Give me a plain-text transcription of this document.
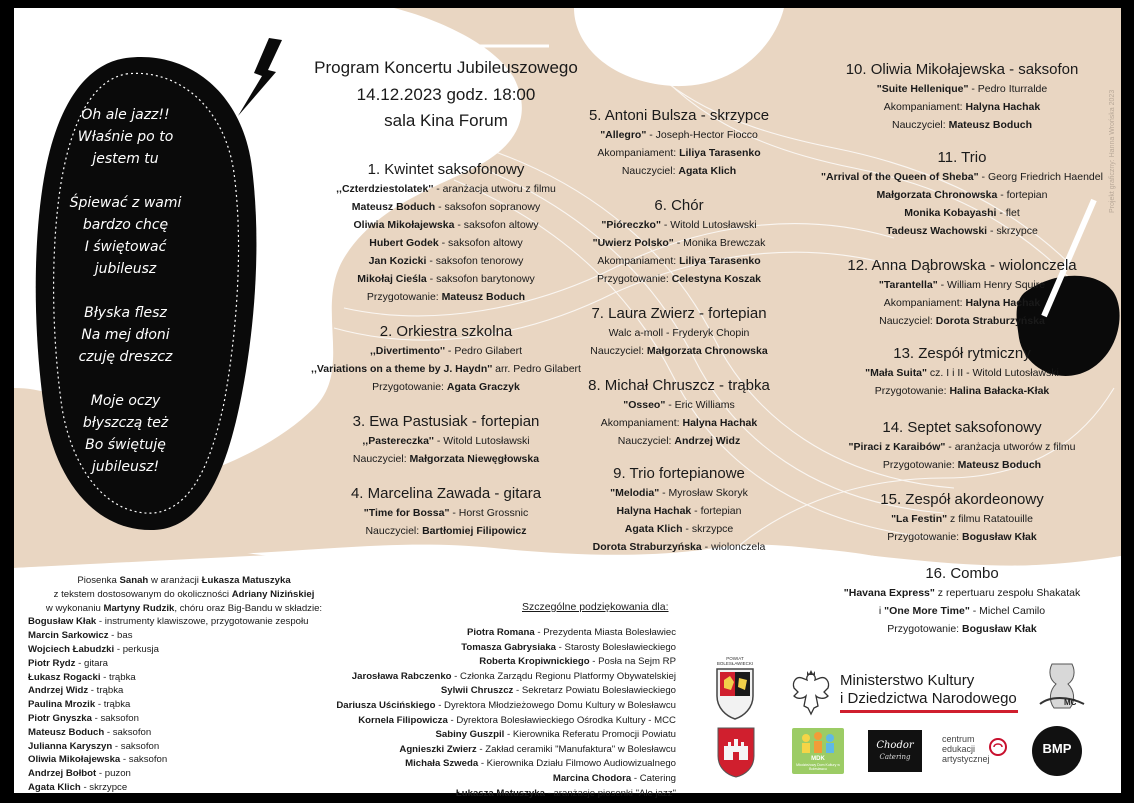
Projekt graficzny: Hanna Wrońska 2023
Oh ale jazz!!
Właśnie po to
jestem tu

Śpiewać z wami
bardzo chcę
I świętować
jubileusz

Błyska flesz
Na mej dłoni
czuję dreszcz

Moje oczy
błyszczą też
Bo świętuję
jubileusz!
Program Koncertu Jubileuszowego
14.12.2023 godz. 18:00
sala Kina Forum
1. Kwintet saksofonowy
,,Czterdziestolatek'' - aranżacja utworu z filmu
Mateusz Boduch - saksofon sopranowy
Oliwia Mikołajewska - saksofon altowy
Hubert Godek - saksofon altowy
Jan Kozicki - saksofon tenorowy
Mikołaj Cieśla - saksofon barytonowy
Przygotowanie: Mateusz Boduch
2. Orkiestra szkolna
,,Divertimento'' - Pedro Gilabert
,,Variations on a theme by J. Haydn'' arr. Pedro Gilabert
Przygotowanie: Agata Graczyk
3. Ewa Pastusiak - fortepian
,,Pastereczka'' - Witold Lutosławski
Nauczyciel: Małgorzata Niewęgłowska
4. Marcelina Zawada - gitara
"Time for Bossa" - Horst Grossnic
Nauczyciel: Bartłomiej Filipowicz
5. Antoni Bulsza - skrzypce
"Allegro" - Joseph-Hector Fiocco
Akompaniament: Liliya Tarasenko
Nauczyciel: Agata Klich
6. Chór
"Pióreczko" - Witold Lutosławski
"Uwierz Polsko" - Monika Brewczak
Akompaniament: Liliya Tarasenko
Przygotowanie: Celestyna Koszak
7. Laura Zwierz - fortepian
Walc a-moll - Fryderyk Chopin
Nauczyciel: Małgorzata Chronowska
8. Michał Chruszcz - trąbka
"Osseo" - Eric Williams
Akompaniament: Halyna Hachak
Nauczyciel: Andrzej Widz
9. Trio fortepianowe
"Melodia" - Myrosław Skoryk
Halyna Hachak - fortepian
Agata Klich - skrzypce
Dorota Straburzyńska - wiolonczela
10. Oliwia Mikołajewska - saksofon
"Suite Hellenique" - Pedro Iturralde
Akompaniament: Halyna Hachak
Nauczyciel: Mateusz Boduch
11. Trio
"Arrival of the Queen of Sheba" - Georg Friedrich Haendel
Małgorzata Chronowska - fortepian
Monika Kobayashi - flet
Tadeusz Wachowski - skrzypce
12. Anna Dąbrowska - wiolonczela
"Tarantella" - William Henry Squire
Akompaniament: Halyna Hachak
Nauczyciel: Dorota Straburzyńska
13. Zespół rytmiczny
"Mała Suita" cz. I i II - Witold Lutosławski
Przygotowanie: Halina Bałacka-Kłak
14. Septet saksofonowy
"Piraci z Karaibów" - aranżacja utworów z filmu
Przygotowanie: Mateusz Boduch
15. Zespół akordeonowy
"La Festin" z filmu Ratatouille
Przygotowanie: Bogusław Kłak
16. Combo
"Havana Express" z repertuaru zespołu Shakatak
i "One More Time" - Michel Camilo
Przygotowanie: Bogusław Kłak
Piosenka Sanah w aranżacji Łukasza Matuszyka
z tekstem dostosowanym do okoliczności Adriany Nizińskiej
w wykonaniu Martyny Rudzik, chóru oraz Big-Bandu w składzie:
Bogusław Kłak - instrumenty klawiszowe, przygotowanie zespołu
Marcin Sarkowicz - bas
Wojciech Łabudzki - perkusja
Piotr Rydz - gitara
Łukasz Rogacki - trąbka
Andrzej Widz - trąbka
Paulina Mrozik - trąbka
Piotr Gnyszka - saksofon
Mateusz Boduch - saksofon
Julianna Karyszyn - saksofon
Oliwia Mikołajewska - saksofon
Andrzej Bołbot - puzon
Agata Klich - skrzypce
Szczególne podziękowania dla:
Piotra Romana - Prezydenta Miasta Bolesławiec
Tomasza Gabrysiaka - Starosty Bolesławieckiego
Roberta Kropiwnickiego - Posła na Sejm RP
Jarosława Rabczenko - Członka Zarządu Regionu Platformy Obywatelskiej
Sylwii Chruszcz - Sekretarz Powiatu Bolesławieckiego
Dariusza Uścińskiego - Dyrektora Młodzieżowego Domu Kultury w Bolesławcu
Kornela Filipowicza - Dyrektora Bolesławieckiego Ośrodka Kultury - MCC
Sabiny Guszpil - Kierownika Referatu Promocji Powiatu
Agnieszki Zwierz - Zakład ceramiki "Manufaktura" w Bolesławcu
Michała Szweda - Kierownika Działu Filmowo Audiowizualnego
Marcina Chodora - Catering
Łukasza Matuszyka - aranżacje piosenki "Ale jazz"
POWIAT BOLESŁAWIECKI
Ministerstwo Kultury
i Dziedzictwa Narodowego
MDK
Młodzieżowy Dom Kultury w Bolesławcu
Chodor
Catering
centrum
edukacji
artystycznej
MC
BMP
